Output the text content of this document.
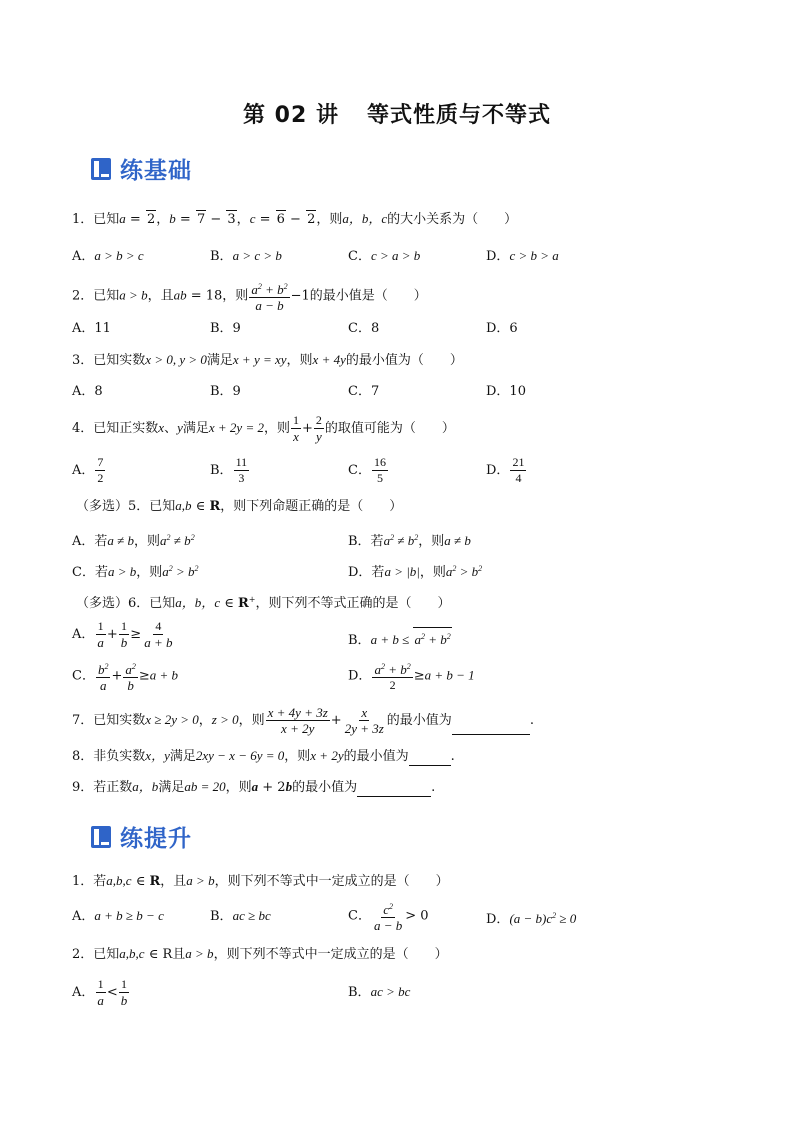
第 02 讲 等式性质与不等式
练基础
1．已知a = 2，b = 7 − 3，c = 6 − 2，则a，b，c的大小关系为（　　）
A．a > b > c	B．a > c > b	C．c > a > b	D．c > b > a
2．已知a > b，且ab = 18，则 $\frac{a^2 + b^2}{a - b} -1$的最小值是（　　）
A．11	B．9	C．8	D．6
3．已知实数x > 0, y > 0满足x + y = xy，则x + 4y的最小值为（　　）
A．8	B．9	C．7	D．10
4．已知正实数x、y满足x + 2y = 2，则 $\frac{1}{x} + \frac{2}{y}$ 的取值可能为（　　）
A． $\frac{7}{2}$	B． $\frac{11}{3}$	C． $\frac{16}{5}$	D． $\frac{21}{4}$
（多选）5．已知a,b ∈ R，则下列命题正确的是（　　）
A．若a ≠ b，则$a^2 \ne b^2$	B．若$a^2 \ne b^2$，则a ≠ b
C．若a > b，则$a^2 > b^2$	D．若a > |b|，则$a^2 > b^2$
（多选）6．已知a，b，c ∈ R+，则下列不等式正确的是（　　）
A． $\frac{1}{a} + \frac{1}{b} \ge \frac{4}{a + b}$	B．$a + b \le a^2 + b^2$
C． $\frac{b^2}{a} + \frac{a^2}{b} \ge a + b$	D． $\frac{a^2 + b^2}{2} \ge a + b - 1$
7．已知实数x ≥ 2y > 0，z > 0，则 $\frac{x + 4y + 3z}{x + 2y} + \frac{x}{2y + 3z}$ 的最小值为	.
8．非负实数x，y满足2xy − x − 6y = 0，则x + 2y的最小值为	.
9．若正数a，b满足ab = 20，则a + 2b的最小值为	.
练提升
1．若a,b,c ∈ R，且a > b，则下列不等式中一定成立的是（　　）
A．a + b ≥ b − c	B．ac ≥ bc	C． $\frac{c^2}{a - b} > 0$	D．$(a - b)c^2 \ge 0$
2．已知a,b,c ∈ R且a > b，则下列不等式中一定成立的是（　　）
A． $\frac{1}{a} < \frac{1}{b}$	B．ac > bc
